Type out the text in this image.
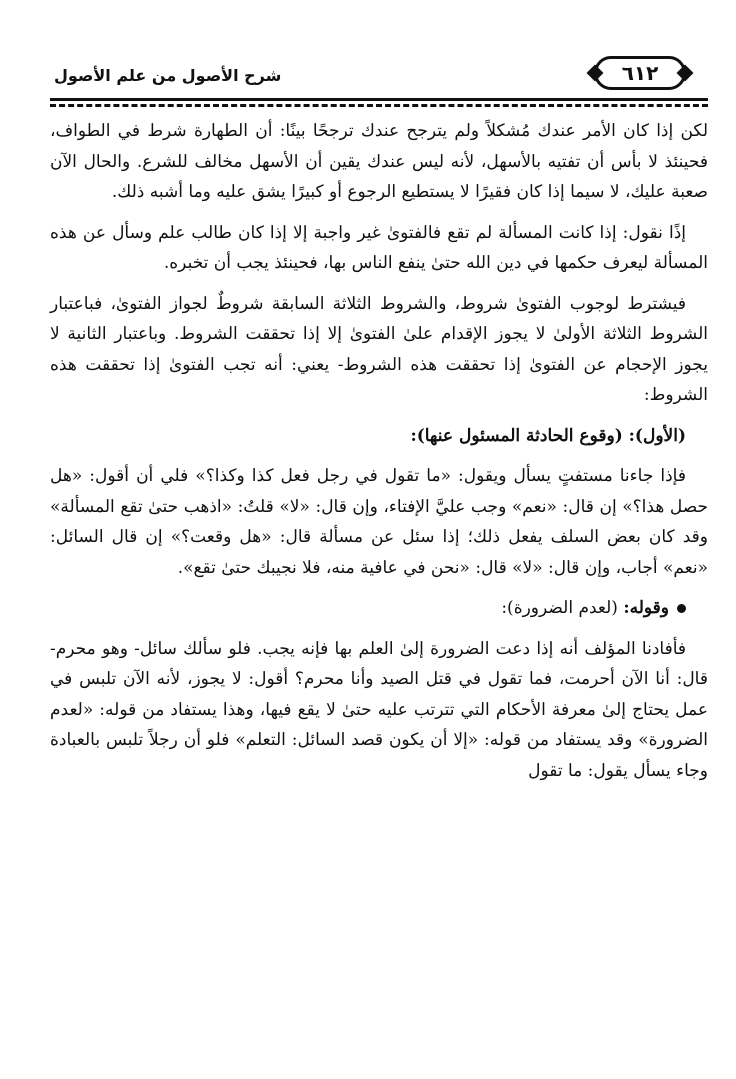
شرح الأصول من علم الأصول	٦١٢

لكن إذا كان الأمر عندك مُشكلاً ولم يترجح عندك ترجحًا بينًا: أن الطهارة شرط في الطواف، فحينئذ لا بأس أن تفتيه بالأسهل، لأنه ليس عندك يقين أن الأسهل مخالف للشرع. والحال الآن صعبة عليك، لا سيما إذا كان فقيرًا لا يستطيع الرجوع أو كبيرًا يشق عليه وما أشبه ذلك.

إذًا نقول: إذا كانت المسألة لم تقع فالفتوىٰ غير واجبة إلا إذا كان طالب علم وسأل عن هذه المسألة ليعرف حكمها في دين الله حتىٰ ينفع الناس بها، فحينئذ يجب أن تخبره.

فيشترط لوجوب الفتوىٰ شروط، والشروط الثلاثة السابقة شروطٌ لجواز الفتوىٰ، فباعتبار الشروط الثلاثة الأولىٰ لا يجوز الإقدام علىٰ الفتوىٰ إلا إذا تحققت الشروط. وباعتبار الثانية لا يجوز الإحجام عن الفتوىٰ إذا تحققت هذه الشروط- يعني: أنه تجب الفتوىٰ إذا تحققت هذه الشروط:

(الأول): (وقوع الحادثة المسئول عنها):

فإذا جاءنا مستفتٍ يسأل ويقول: «ما تقول في رجل فعل كذا وكذا؟» فلي أن أقول: «هل حصل هذا؟» إن قال: «نعم» وجب عليَّ الإفتاء، وإن قال: «لا» قلتُ: «اذهب حتىٰ تقع المسألة» وقد كان بعض السلف يفعل ذلك؛ إذا سئل عن مسألة قال: «هل وقعت؟» إن قال السائل: «نعم» أجاب، وإن قال: «لا» قال: «نحن في عافية منه، فلا نجيبك حتىٰ تقع».

وقوله: (لعدم الضرورة):

فأفادنا المؤلف أنه إذا دعت الضرورة إلىٰ العلم بها فإنه يجب. فلو سألك سائل- وهو محرم- قال: أنا الآن أحرمت، فما تقول في قتل الصيد وأنا محرم؟ أقول: لا يجوز، لأنه الآن تلبس في عمل يحتاج إلىٰ معرفة الأحكام التي تترتب عليه حتىٰ لا يقع فيها، وهذا يستفاد من قوله: «لعدم الضرورة» وقد يستفاد من قوله: «إلا أن يكون قصد السائل: التعلم» فلو أن رجلاً تلبس بالعبادة وجاء يسأل يقول: ما تقول
